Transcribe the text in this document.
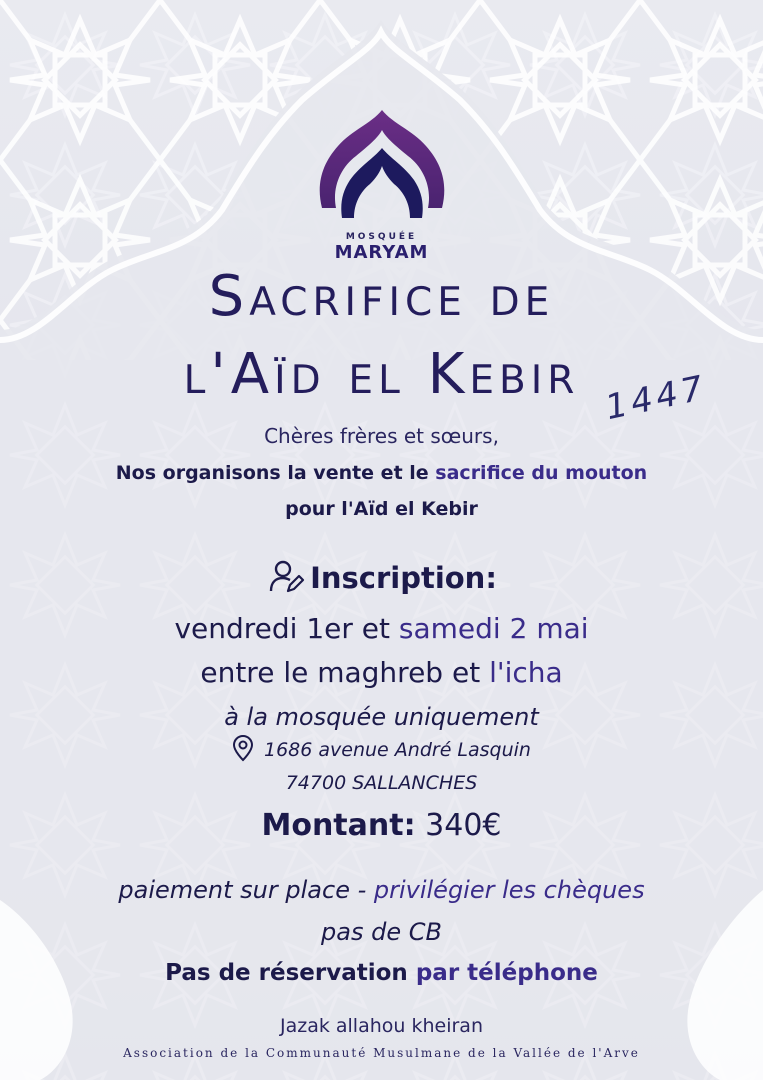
MOSQUÉE
MARYAM
Sacrifice de
l'Aïd el Kebir 1447
Chères frères et sœurs,
Nos organisons la vente et le sacrifice du mouton
pour l'Aïd el Kebir
Inscription:
vendredi 1er et samedi 2 mai
entre le maghreb et l'icha
à la mosquée uniquement
1686 avenue André Lasquin
74700 SALLANCHES
Montant: 340€
paiement sur place - privilégier les chèques
pas de CB
Pas de réservation par téléphone
Jazak allahou kheiran
Association de la Communauté Musulmane de la Vallée de l'Arve
